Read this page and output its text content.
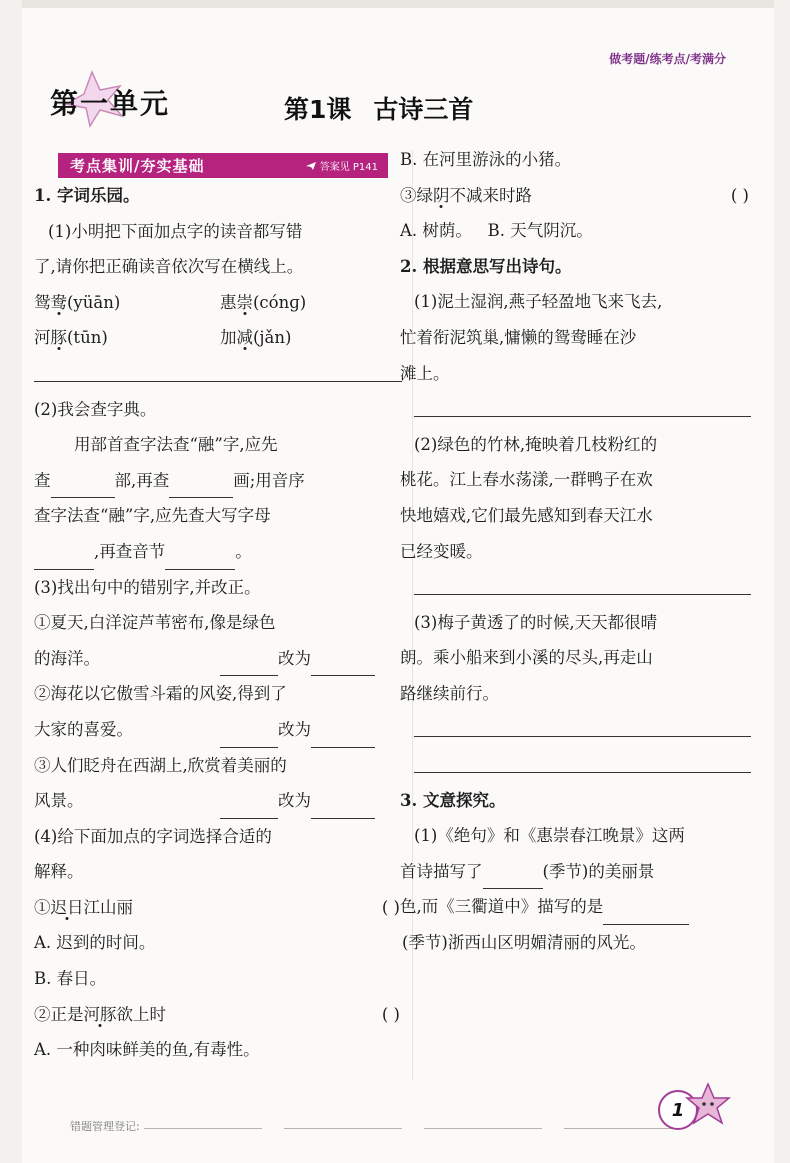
做考题/练考点/考满分
第一单元	第1课 古诗三首
考点集训/夯实基础	答案见 P141
1. 字词乐园。
(1)小明把下面加点字的读音都写错
了,请你把正确读音依次写在横线上。
鸳鸯(yüān)	惠崇(cónɡ)
河豚(tūn)	加减(jǎn)
(2)我会查字典。
用部首查字法查“融”字,应先
查	部,再查	画;用音序
查字法查“融”字,应先查大写字母
,再查音节	。
(3)找出句中的错别字,并改正。
①夏天,白洋淀芦苇密布,像是绿色
的海洋。	改为
②海花以它傲雪斗霜的风姿,得到了
大家的喜爱。	改为
③人们眨舟在西湖上,欣赏着美丽的
风景。	改为
(4)给下面加点的字词选择合适的
解释。
①迟日江山丽	( )
A. 迟到的时间。
B. 春日。
②正是河豚欲上时	( )
A. 一种肉味鲜美的鱼,有毒性。
B. 在河里游泳的小猪。
③绿阴不减来时路	( )
A. 树荫。   B. 天气阴沉。
2. 根据意思写出诗句。
(1)泥土湿润,燕子轻盈地飞来飞去,
忙着衔泥筑巢,慵懒的鸳鸯睡在沙
滩上。
(2)绿色的竹林,掩映着几枝粉红的
桃花。江上春水荡漾,一群鸭子在欢
快地嬉戏,它们最先感知到春天江水
已经变暖。
(3)梅子黄透了的时候,天天都很晴
朗。乘小船来到小溪的尽头,再走山
路继续前行。
3. 文意探究。
(1)《绝句》和《惠崇春江晚景》这两
首诗描写了	(季节)的美丽景
色,而《三衢道中》描写的是
(季节)浙西山区明媚清丽的风光。
错题管理登记:
1
